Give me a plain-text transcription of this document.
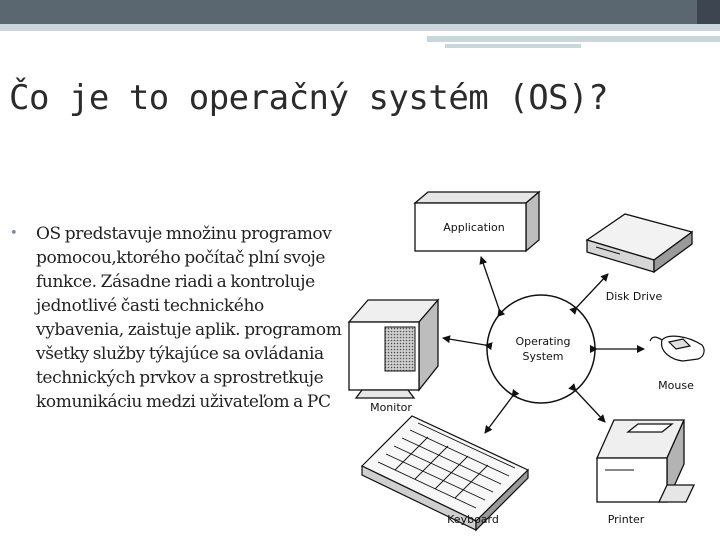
Čo je to operačný systém (OS)?
• OS predstavuje množinu programov pomocou,ktorého počítač plní svoje funkce. Zásadne riadi a kontroluje jednotlivé časti technického vybavenia, zaistuje aplik. programom všetky služby týkajúce sa ovládania technických prvkov a sprostretkuje komunikáciu medzi uživateľom a PC

Operating
System
Application
Disk Drive
Mouse
Monitor
Keyboard	Printer
